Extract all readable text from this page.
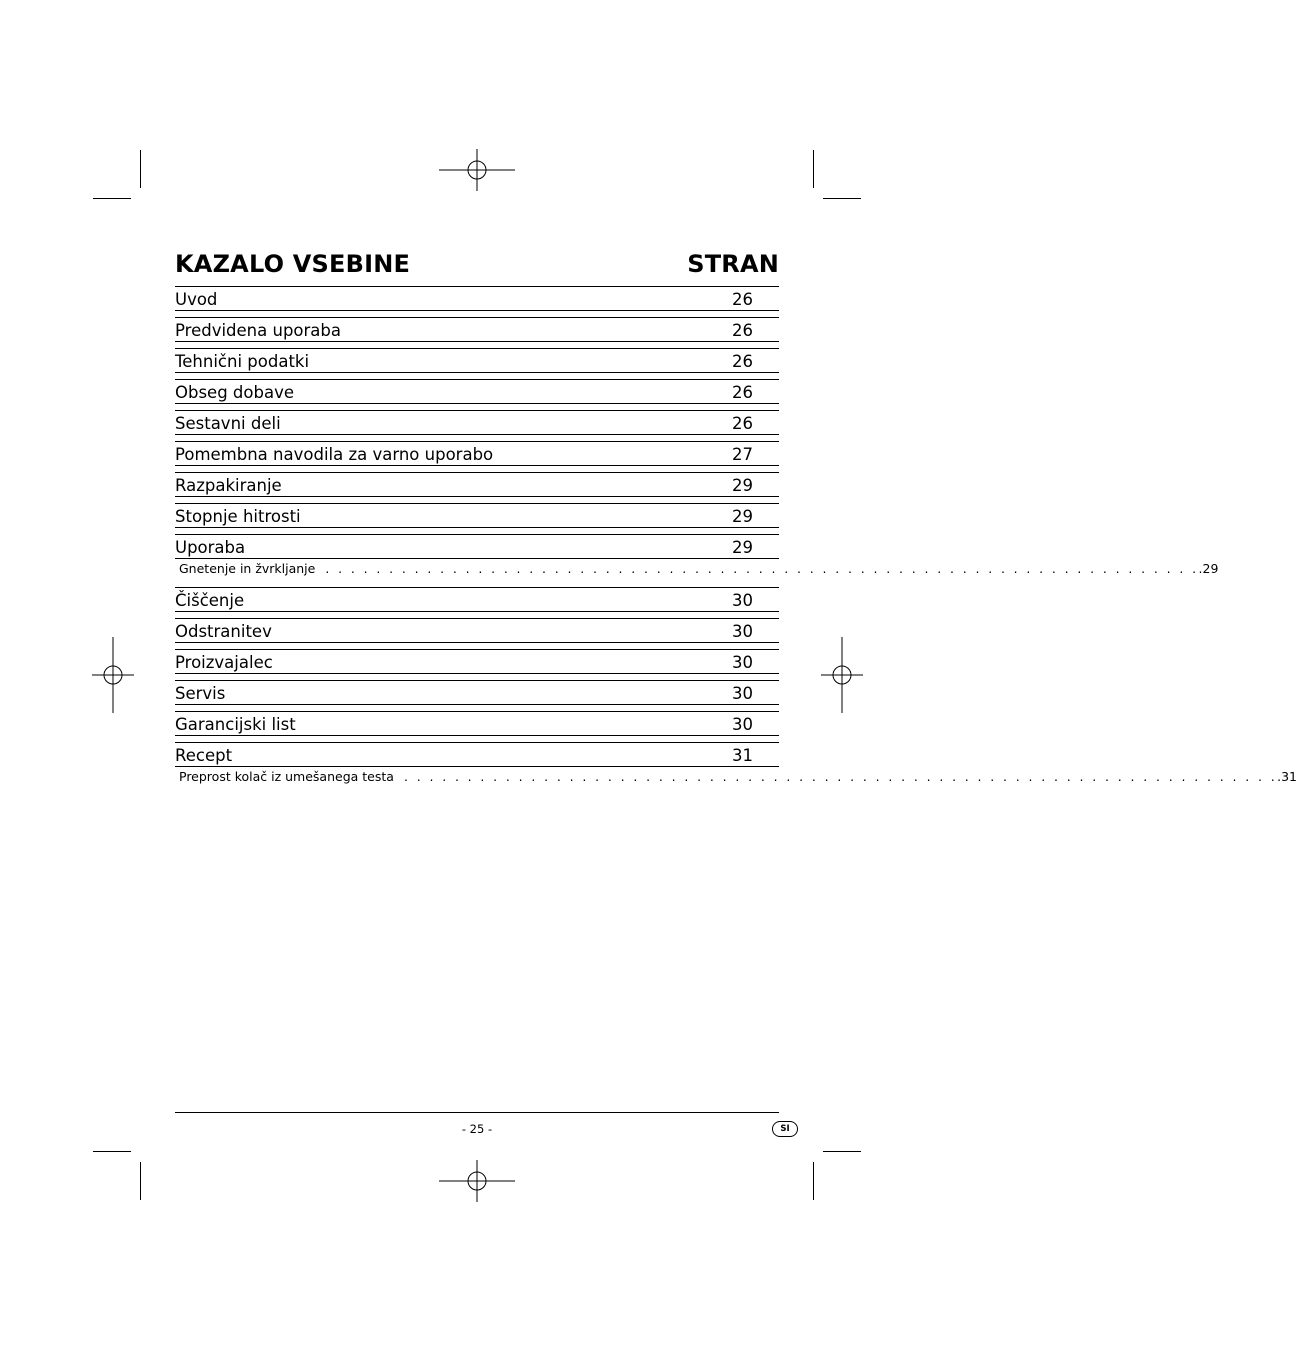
KAZALO VSEBINE	STRAN
Uvod	26
Predvidena uporaba	26
Tehnični podatki	26
Obseg dobave	26
Sestavni deli	26
Pomembna navodila za varno uporabo	27
Razpakiranje	29
Stopnje hitrosti	29
Uporaba	29
Gnetenje in žvrkljanje . . . . . . . . . . . . . . . . . . . . . . . . . . . . . . . . . . . . . . . . . . . . . . . . . . . . . . . . . . . . . . . . . . . . . .29
Čiščenje	30
Odstranitev	30
Proizvajalec	30
Servis	30
Garancijski list	30
Recept	31
Preprost kolač iz umešanega testa . . . . . . . . . . . . . . . . . . . . . . . . . . . . . . . . . . . . . . . . . . . . . . . . . . . . . . . . . . . . . . . . . . . . . .31
- 25 -	SI
